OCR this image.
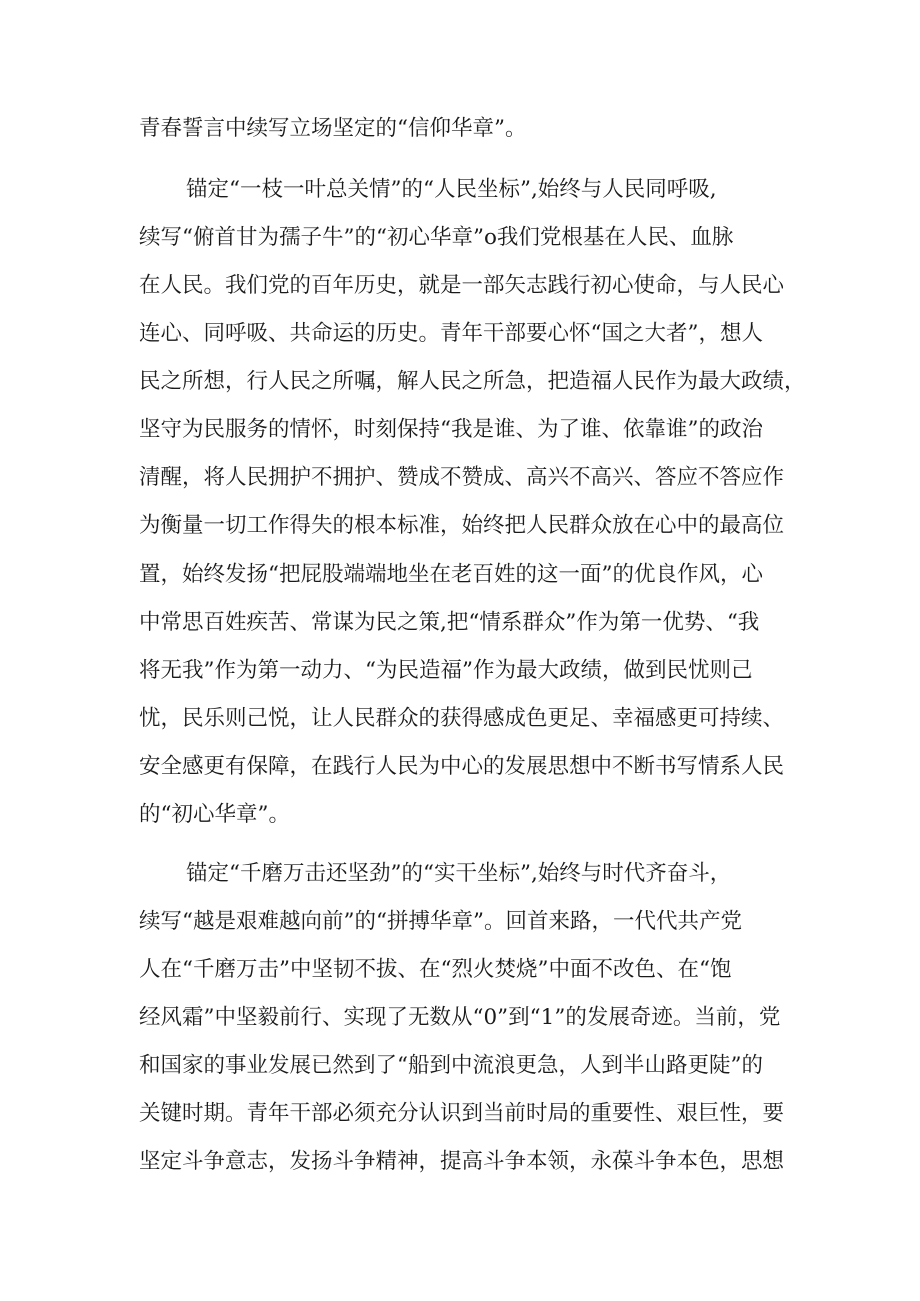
青春誓言中续写立场坚定的“信仰华章”。
锚定“一枝一叶总关情”的“人民坐标”,始终与人民同呼吸,
续写“俯首甘为孺子牛”的“初心华章”o我们党根基在人民、血脉
在人民。我们党的百年历史，就是一部矢志践行初心使命，与人民心
连心、同呼吸、共命运的历史。青年干部要心怀“国之大者”，想人
民之所想，行人民之所嘱，解人民之所急，把造福人民作为最大政绩，
坚守为民服务的情怀，时刻保持“我是谁、为了谁、依靠谁”的政治
清醒，将人民拥护不拥护、赞成不赞成、高兴不高兴、答应不答应作
为衡量一切工作得失的根本标准，始终把人民群众放在心中的最高位
置，始终发扬“把屁股端端地坐在老百姓的这一面”的优良作风，心
中常思百姓疾苦、常谋为民之策,把“情系群众”作为第一优势、“我
将无我”作为第一动力、“为民造福”作为最大政绩，做到民忧则己
忧，民乐则己悦，让人民群众的获得感成色更足、幸福感更可持续、
安全感更有保障，在践行人民为中心的发展思想中不断书写情系人民
的“初心华章”。
锚定“千磨万击还坚劲”的“实干坐标”,始终与时代齐奋斗，
续写“越是艰难越向前”的“拼搏华章”。回首来路，一代代共产党
人在“千磨万击”中坚韧不拔、在“烈火焚烧”中面不改色、在“饱
经风霜”中坚毅前行、实现了无数从“0”到“1”的发展奇迹。当前，党
和国家的事业发展已然到了“船到中流浪更急，人到半山路更陡”的
关键时期。青年干部必须充分认识到当前时局的重要性、艰巨性，要
坚定斗争意志，发扬斗争精神，提高斗争本领，永葆斗争本色，思想
